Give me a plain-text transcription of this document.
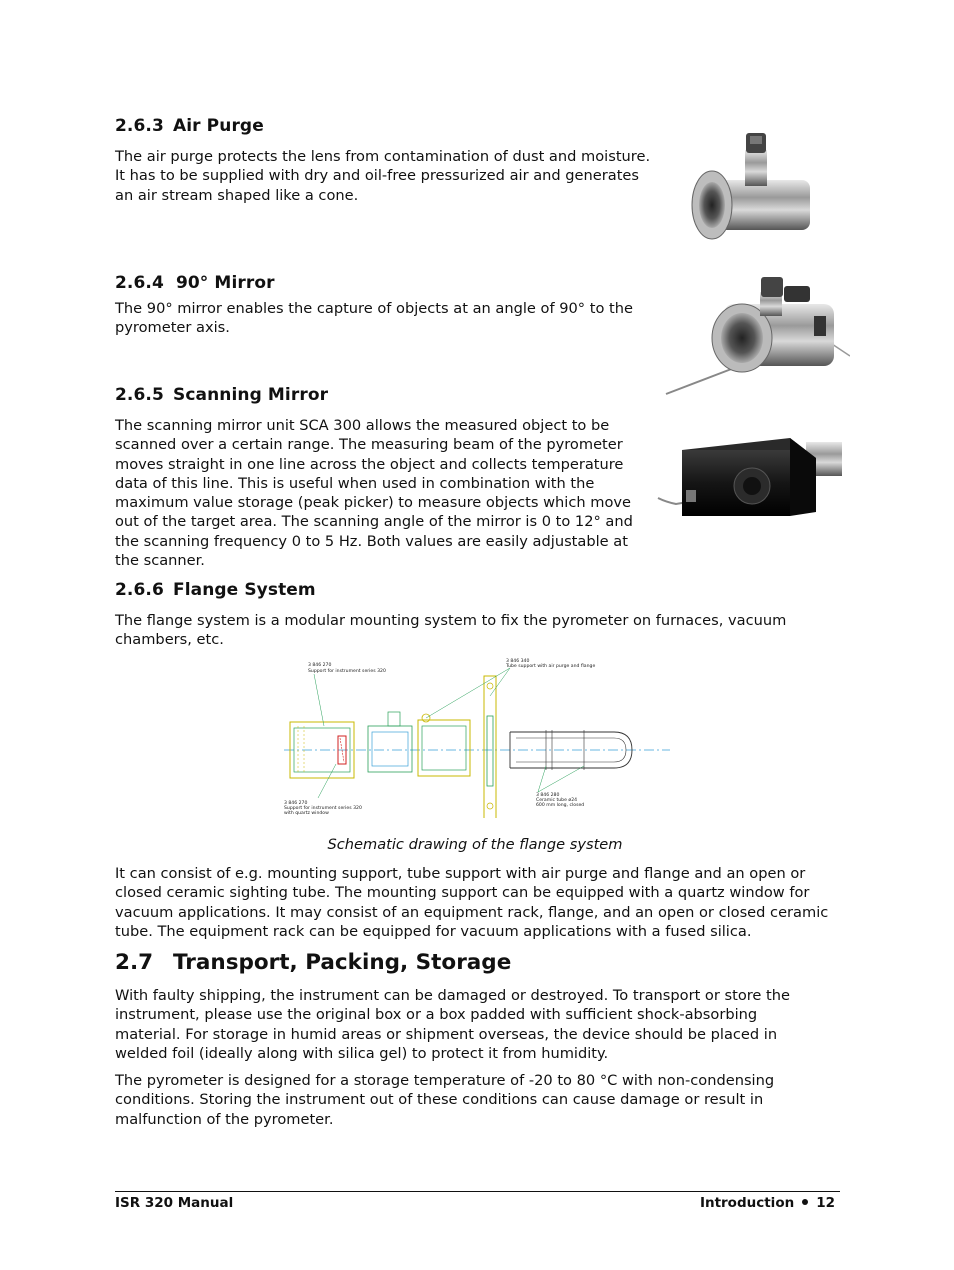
2.6.3 Air Purge
The air purge protects the lens from contamination of dust and moisture. It has to be supplied with dry and oil-free pressurized air and generates an air stream shaped like a cone.
2.6.4 90° Mirror
The 90° mirror enables the capture of objects at an angle of 90° to the pyrometer axis.
2.6.5 Scanning Mirror
The scanning mirror unit SCA 300 allows the measured object to be scanned over a certain range. The measuring beam of the pyrometer moves straight in one line across the object and collects temperature data of this line. This is useful when used in combination with the maximum value storage (peak picker) to measure objects which move out of the target area. The scanning angle of the mirror is 0 to 12° and the scanning frequency 0 to 5 Hz. Both values are easily adjustable at the scanner.
2.6.6 Flange System
The flange system is a modular mounting system to fix the pyrometer on furnaces, vacuum chambers, etc.
3 846 270
Support for instrument series 320
3 846 340
Tube support with air purge and flange
3 846 270
Support for instrument series 320
with quartz window
3 846 280
Ceramic tube ø24
600 mm long, closed
Schematic drawing of the flange system
It can consist of e.g. mounting support, tube support with air purge and flange and an open or closed ceramic sighting tube. The mounting support can be equipped with a quartz window for vacuum applications. It may consist of an equipment rack, flange, and an open or closed ceramic tube. The equipment rack can be equipped for vacuum applications with a fused silica.
2.7 Transport, Packing, Storage
With faulty shipping, the instrument can be damaged or destroyed. To transport or store the instrument, please use the original box or a box padded with sufficient shock-absorbing material. For storage in humid areas or shipment overseas, the device should be placed in welded foil (ideally along with silica gel) to protect it from humidity.
The pyrometer is designed for a storage temperature of -20 to 80 °C with non-condensing conditions. Storing the instrument out of these conditions can cause damage or result in malfunction of the pyrometer.
ISR 320 Manual	Introduction 12
